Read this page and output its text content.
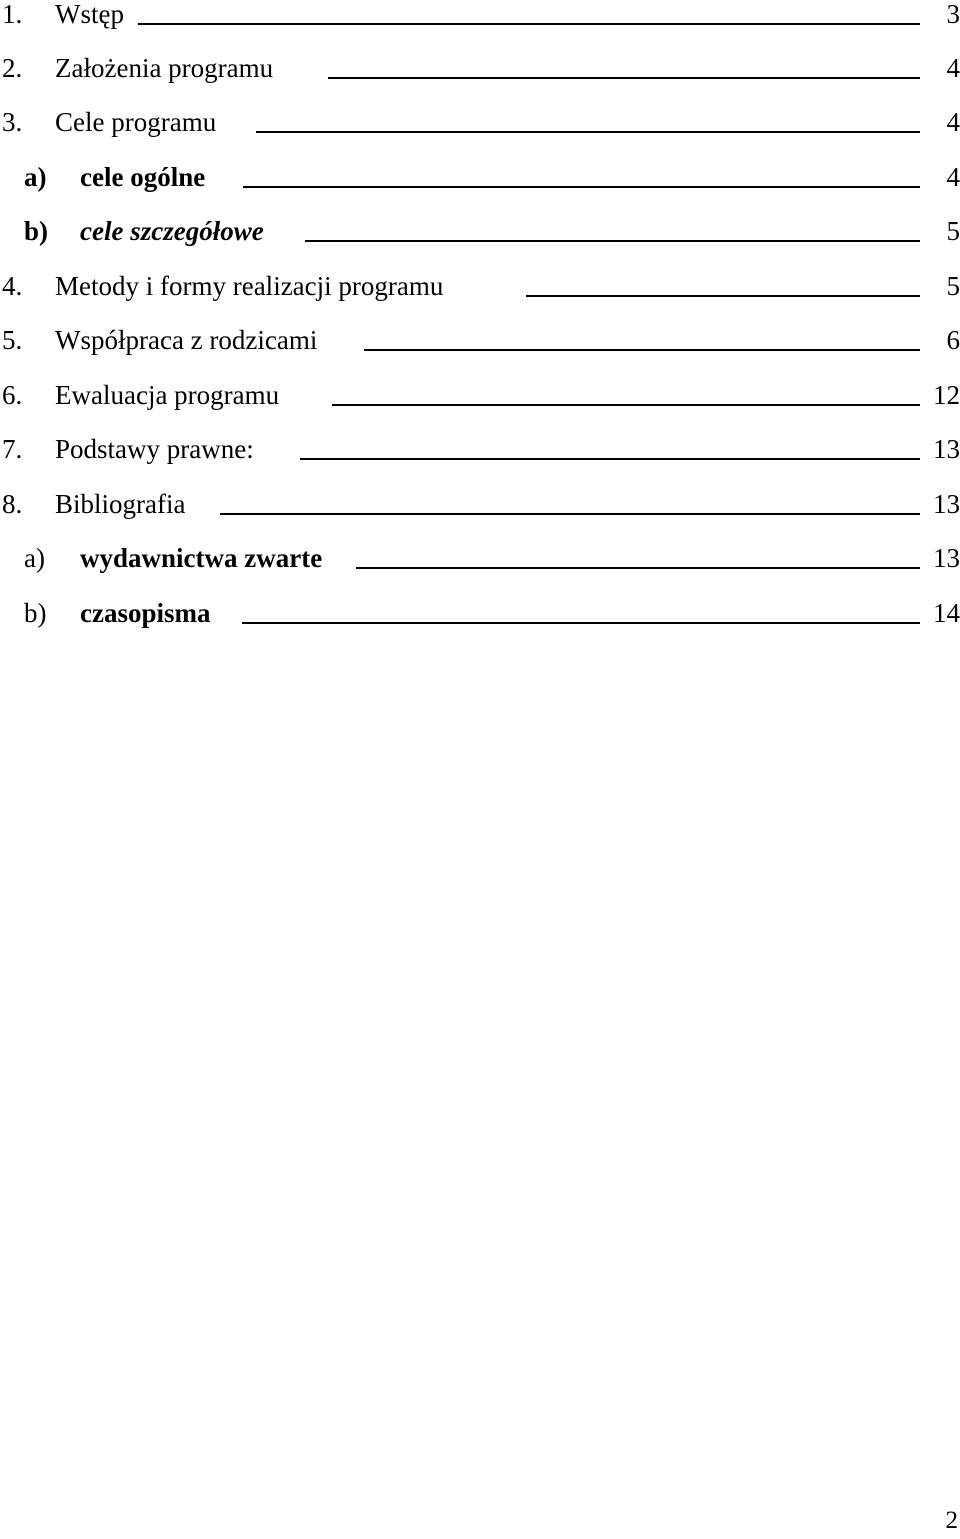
1. Wstęp	3
2. Założenia programu	4
3. Cele programu	4
a) cele ogólne	4
b) cele szczegółowe	5
4. Metody i formy realizacji programu	5
5. Współpraca z rodzicami	6
6. Ewaluacja programu	12
7. Podstawy prawne:	13
8. Bibliografia	13
a) wydawnictwa zwarte	13
b) czasopisma	14
2
